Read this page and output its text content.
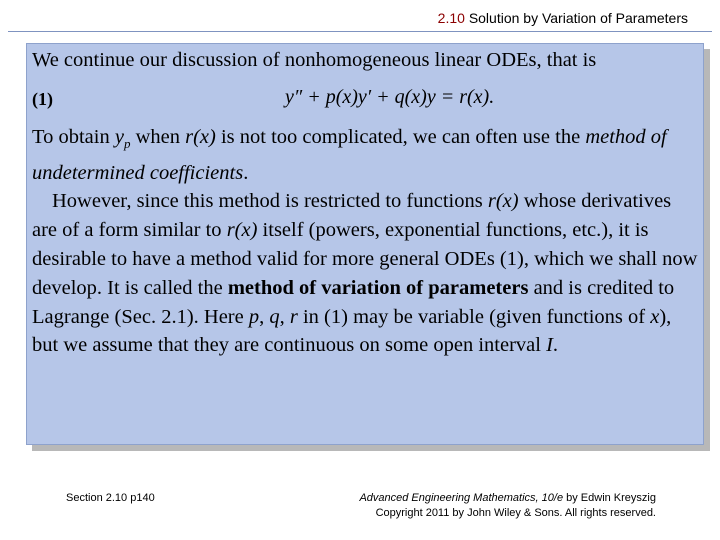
2.10 Solution by Variation of Parameters

We continue our discussion of nonhomogeneous linear ODEs, that is

(1)	y″ + p(x)y′ + q(x)y = r(x).

To obtain $y_p$ when r(x) is not too complicated, we can often use the method of undetermined coefficients.

However, since this method is restricted to functions r(x) whose derivatives are of a form similar to r(x) itself (powers, exponential functions, etc.), it is desirable to have a method valid for more general ODEs (1), which we shall now develop. It is called the method of variation of parameters and is credited to Lagrange (Sec. 2.1). Here p, q, r in (1) may be variable (given functions of x), but we assume that they are continuous on some open interval I.

Section 2.10 p140	Advanced Engineering Mathematics, 10/e by Edwin Kreyszig
Copyright 2011 by John Wiley & Sons. All rights reserved.
